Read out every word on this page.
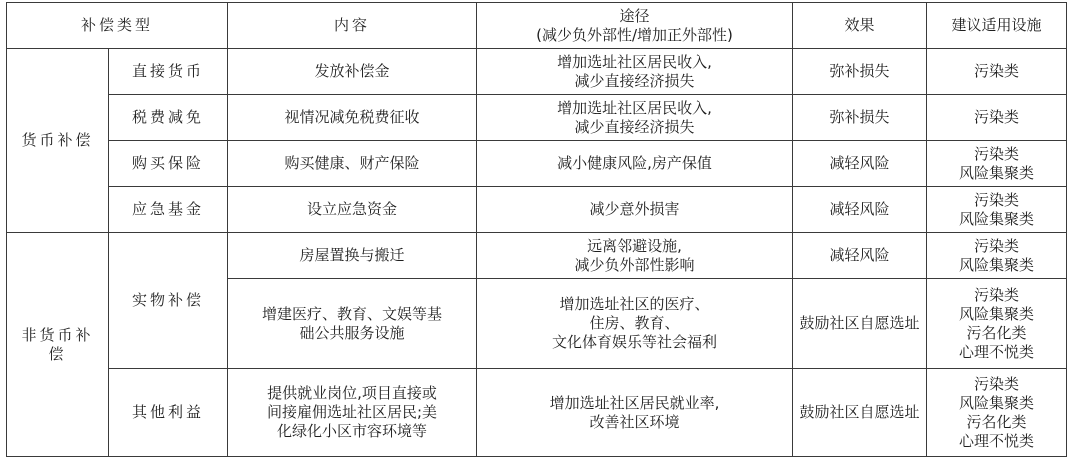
补偿类型		内容	途径
(减少负外部性/增加正外部性)	效果	建议适用设施
货币补偿	直接货币	发放补偿金	增加选址社区居民收入,
减少直接经济损失	弥补损失	污染类

	税费减免	视情况减免税费征收	增加选址社区居民收入,
减少直接经济损失	弥补损失	污染类

	购买保险	购买健康、财产保险	减小健康风险,房产保值	减轻风险	污染类
风险集聚类

	应急基金	设立应急资金	减少意外损害	减轻风险	污染类
风险集聚类

非货币补偿	实物补偿	房屋置换与搬迁	远离邻避设施,
减少负外部性影响	减轻风险	污染类
风险集聚类

		增建医疗、教育、文娱等基
础公共服务设施	增加选址社区的医疗、
住房、教育、
文化体育娱乐等社会福利	鼓励社区自愿选址	污染类
风险集聚类
污名化类
心理不悦类

	其他利益	提供就业岗位,项目直接或
间接雇佣选址社区居民;美
化绿化小区市容环境等	增加选址社区居民就业率,
改善社区环境	鼓励社区自愿选址	污染类
风险集聚类
污名化类
心理不悦类
